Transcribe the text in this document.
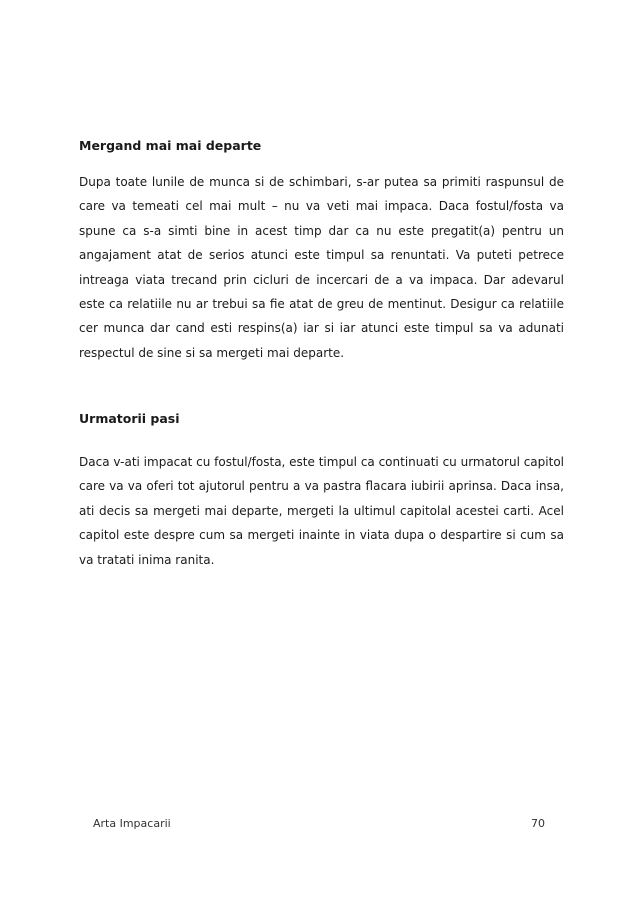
Mergand mai mai departe

Dupa toate lunile de munca si de schimbari, s-ar putea sa primiti raspunsul de care va temeati cel mai mult – nu va veti mai impaca. Daca fostul/fosta va spune ca s-a simti bine in acest timp dar ca nu este pregatit(a) pentru un angajament atat de serios atunci este timpul sa renuntati. Va puteti petrece intreaga viata trecand prin cicluri de incercari de a va impaca. Dar adevarul este ca relatiile nu ar trebui sa fie atat de greu de mentinut. Desigur ca relatiile cer munca dar cand esti respins(a) iar si iar atunci este timpul sa va adunati respectul de sine si sa mergeti mai departe.

Urmatorii pasi

Daca v-ati impacat cu fostul/fosta, este timpul ca continuati cu urmatorul capitol care va va oferi tot ajutorul pentru a va pastra flacara iubirii aprinsa. Daca insa, ati decis sa mergeti mai departe, mergeti la ultimul capitolal acestei carti. Acel capitol este despre cum sa mergeti inainte in viata dupa o despartire si cum sa va tratati inima ranita.

Arta Impacarii	70
